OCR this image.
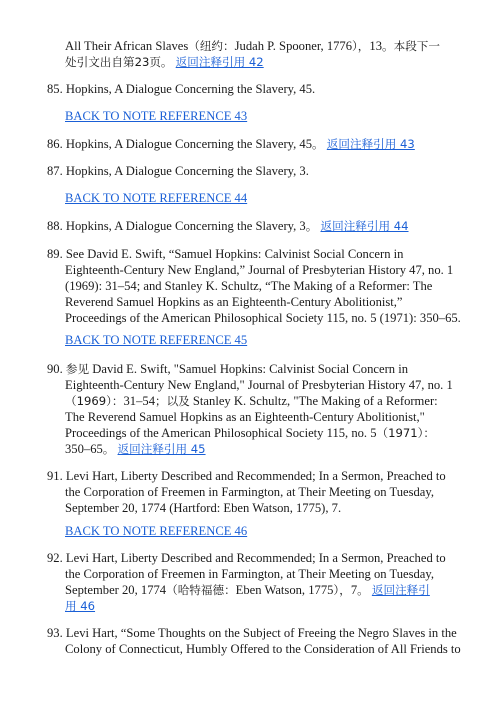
All Their African Slaves（纽约：Judah P. Spooner, 1776），13。本段下一
处引文出自第23页。 返回注释引用 42
85. Hopkins, A Dialogue Concerning the Slavery, 45.
BACK TO NOTE REFERENCE 43
86. Hopkins, A Dialogue Concerning the Slavery, 45。 返回注释引用 43
87. Hopkins, A Dialogue Concerning the Slavery, 3.
BACK TO NOTE REFERENCE 44
88. Hopkins, A Dialogue Concerning the Slavery, 3。 返回注释引用 44
89. See David E. Swift, “Samuel Hopkins: Calvinist Social Concern in
Eighteenth-Century New England,” Journal of Presbyterian History 47, no. 1
(1969): 31–54; and Stanley K. Schultz, “The Making of a Reformer: The
Reverend Samuel Hopkins as an Eighteenth-Century Abolitionist,”
Proceedings of the American Philosophical Society 115, no. 5 (1971): 350–65.
BACK TO NOTE REFERENCE 45
90. 参见 David E. Swift, "Samuel Hopkins: Calvinist Social Concern in
Eighteenth-Century New England," Journal of Presbyterian History 47, no. 1
（1969）：31–54；以及 Stanley K. Schultz, "The Making of a Reformer:
The Reverend Samuel Hopkins as an Eighteenth-Century Abolitionist,"
Proceedings of the American Philosophical Society 115, no. 5（1971）：
350–65。 返回注释引用 45
91. Levi Hart, Liberty Described and Recommended; In a Sermon, Preached to
the Corporation of Freemen in Farmington, at Their Meeting on Tuesday,
September 20, 1774 (Hartford: Eben Watson, 1775), 7.
BACK TO NOTE REFERENCE 46
92. Levi Hart, Liberty Described and Recommended; In a Sermon, Preached to
the Corporation of Freemen in Farmington, at Their Meeting on Tuesday,
September 20, 1774（哈特福德：Eben Watson, 1775），7。 返回注释引
用 46
93. Levi Hart, “Some Thoughts on the Subject of Freeing the Negro Slaves in the
Colony of Connecticut, Humbly Offered to the Consideration of All Friends to
